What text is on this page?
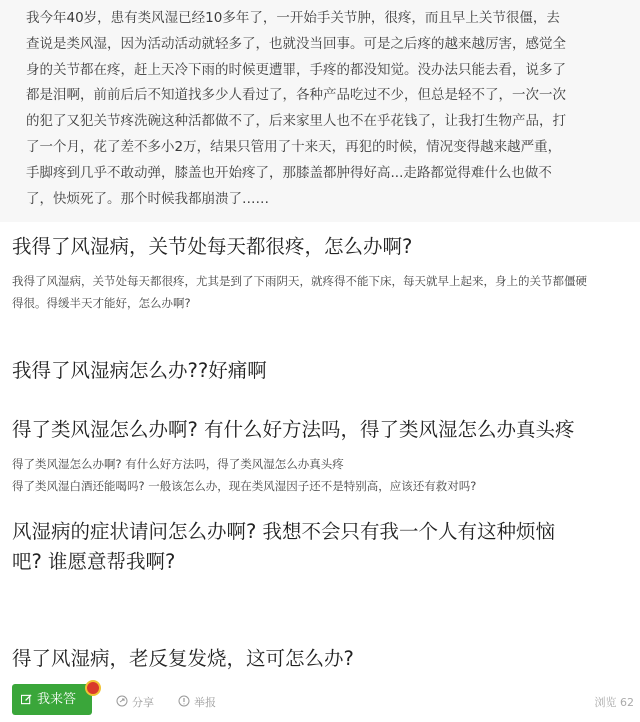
我今年40岁，患有类风湿已经10多年了，一开始手关节肿，很疼，而且早上关节很僵，去
查说是类风湿，因为活动活动就轻多了，也就没当回事。可是之后疼的越来越厉害，感觉全
身的关节都在疼，赶上天冷下雨的时候更遭罪，手疼的都没知觉。没办法只能去看，说多了
都是泪啊，前前后后不知道找多少人看过了，各种产品吃过不少，但总是轻不了，一次一次
的犯了又犯关节疼洗碗这种活都做不了，后来家里人也不在乎花钱了，让我打生物产品，打
了一个月，花了差不多小2万，结果只管用了十来天，再犯的时候，情况变得越来越严重，
手脚疼到几乎不敢动弹，膝盖也开始疼了，那膝盖都肿得好高...走路都觉得难什么也做不
了，快烦死了。那个时候我都崩溃了……
我得了风湿病，关节处每天都很疼，怎么办啊?
我得了风湿病，关节处每天都很疼，尤其是到了下雨阴天，就疼得不能下床，每天就早上起来，身上的关节都僵硬
得很。得缓半天才能好，怎么办啊?
我得了风湿病怎么办??好痛啊
得了类风湿怎么办啊? 有什么好方法吗，得了类风湿怎么办真头疼
得了类风湿怎么办啊? 有什么好方法吗，得了类风湿怎么办真头疼
得了类风湿白酒还能喝吗? 一般该怎么办，现在类风湿因子还不是特别高，应该还有救对吗?
风湿病的症状请问怎么办啊? 我想不会只有我一个人有这种烦恼
吧? 谁愿意帮我啊?
得了风湿病，老反复发烧，这可怎么办?
我来答	分享	举报	浏览 62
